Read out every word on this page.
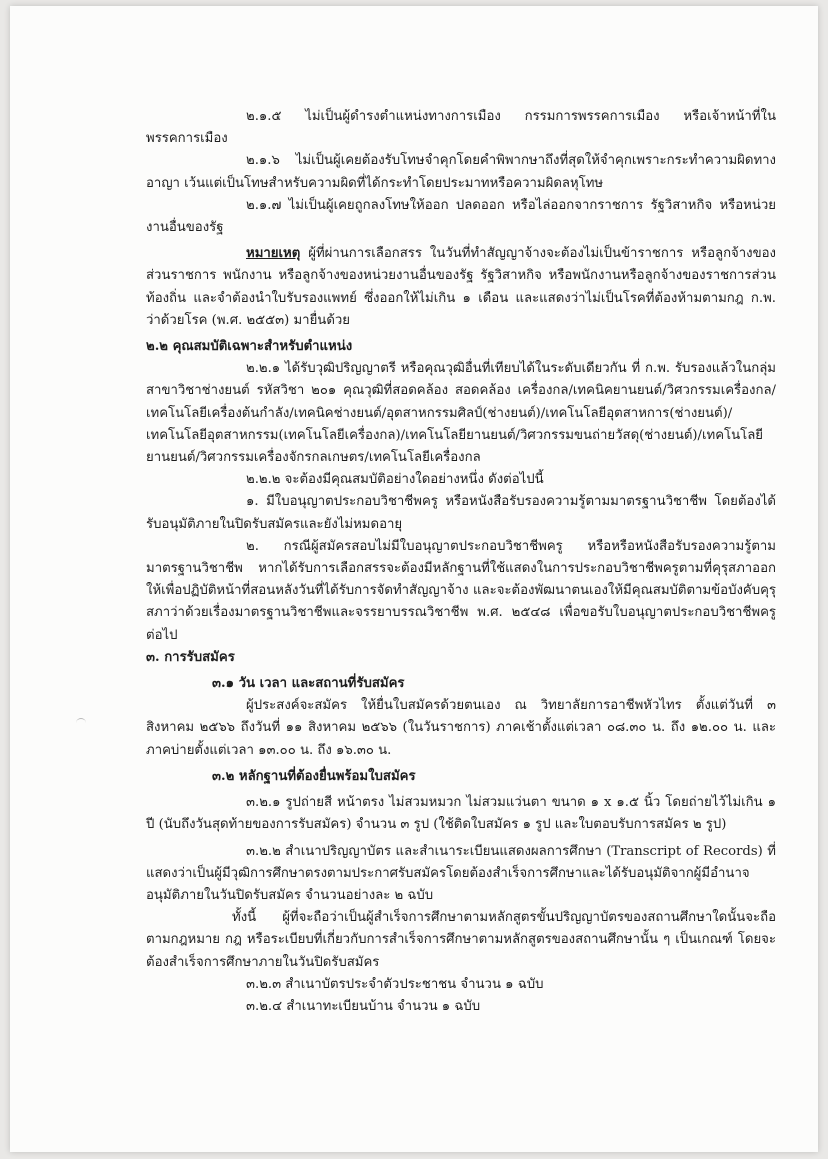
๒.๑.๕ ไม่เป็นผู้ดำรงตำแหน่งทางการเมือง กรรมการพรรคการเมือง หรือเจ้าหน้าที่ในพรรคการเมือง

๒.๑.๖ ไม่เป็นผู้เคยต้องรับโทษจำคุกโดยคำพิพากษาถึงที่สุดให้จำคุกเพราะกระทำความผิดทางอาญา เว้นแต่เป็นโทษสำหรับความผิดที่ได้กระทำโดยประมาทหรือความผิดลหุโทษ

๒.๑.๗ ไม่เป็นผู้เคยถูกลงโทษให้ออก ปลดออก หรือไล่ออกจากราชการ รัฐวิสาหกิจ หรือหน่วยงานอื่นของรัฐ

หมายเหตุ ผู้ที่ผ่านการเลือกสรร ในวันที่ทำสัญญาจ้างจะต้องไม่เป็นข้าราชการ หรือลูกจ้างของส่วนราชการ พนักงาน หรือลูกจ้างของหน่วยงานอื่นของรัฐ รัฐวิสาหกิจ หรือพนักงานหรือลูกจ้างของราชการส่วนท้องถิ่น และจำต้องนำใบรับรองแพทย์ ซึ่งออกให้ไม่เกิน ๑ เดือน และแสดงว่าไม่เป็นโรคที่ต้องห้ามตามกฎ ก.พ. ว่าด้วยโรค (พ.ศ. ๒๕๕๓) มายื่นด้วย

๒.๒ คุณสมบัติเฉพาะสำหรับตำแหน่ง

๒.๒.๑ ได้รับวุฒิปริญญาตรี หรือคุณวุฒิอื่นที่เทียบได้ในระดับเดียวกัน ที่ ก.พ. รับรองแล้วในกลุ่มสาขาวิชาช่างยนต์ รหัสวิชา ๒๐๑ คุณวุฒิที่สอดคล้อง สอดคล้อง เครื่องกล/เทคนิคยานยนต์/วิศวกรรมเครื่องกล/เทคโนโลยีเครื่องต้นกำลัง/เทคนิคช่างยนต์/อุตสาหกรรมศิลป์(ช่างยนต์)/เทคโนโลยีอุตสาหการ(ช่างยนต์)/เทคโนโลยีอุตสาหกรรม(เทคโนโลยีเครื่องกล)/เทคโนโลยียานยนต์/วิศวกรรมขนถ่ายวัสดุ(ช่างยนต์)/เทคโนโลยียานยนต์/วิศวกรรมเครื่องจักรกลเกษตร/เทคโนโลยีเครื่องกล

๒.๒.๒ จะต้องมีคุณสมบัติอย่างใดอย่างหนึ่ง ดังต่อไปนี้

๑. มีใบอนุญาตประกอบวิชาชีพครู หรือหนังสือรับรองความรู้ตามมาตรฐานวิชาชีพ โดยต้องได้รับอนุมัติภายในปิดรับสมัครและยังไม่หมดอายุ

๒. กรณีผู้สมัครสอบไม่มีใบอนุญาตประกอบวิชาชีพครู หรือหรือหนังสือรับรองความรู้ตามมาตรฐานวิชาชีพ หากได้รับการเลือกสรรจะต้องมีหลักฐานที่ใช้แสดงในการประกอบวิชาชีพครูตามที่คุรุสภาออกให้เพื่อปฏิบัติหน้าที่สอนหลังวันที่ได้รับการจัดทำสัญญาจ้าง และจะต้องพัฒนาตนเองให้มีคุณสมบัติตามข้อบังคับคุรุสภาว่าด้วยเรื่องมาตรฐานวิชาชีพและจรรยาบรรณวิชาชีพ พ.ศ. ๒๕๔๘ เพื่อขอรับใบอนุญาตประกอบวิชาชีพครูต่อไป

๓. การรับสมัคร

๓.๑ วัน เวลา และสถานที่รับสมัคร

ผู้ประสงค์จะสมัคร ให้ยื่นใบสมัครด้วยตนเอง ณ วิทยาลัยการอาชีพหัวไทร ตั้งแต่วันที่ ๓ สิงหาคม ๒๕๖๖ ถึงวันที่ ๑๑ สิงหาคม ๒๕๖๖ (ในวันราชการ) ภาคเช้าตั้งแต่เวลา ๐๘.๓๐ น. ถึง ๑๒.๐๐ น. และภาคบ่ายตั้งแต่เวลา ๑๓.๐๐ น. ถึง ๑๖.๓๐ น.

๓.๒ หลักฐานที่ต้องยื่นพร้อมใบสมัคร

๓.๒.๑ รูปถ่ายสี หน้าตรง ไม่สวมหมวก ไม่สวมแว่นตา ขนาด ๑ x ๑.๕ นิ้ว โดยถ่ายไว้ไม่เกิน ๑ ปี (นับถึงวันสุดท้ายของการรับสมัคร) จำนวน ๓ รูป (ใช้ติดใบสมัคร ๑ รูป และใบตอบรับการสมัคร ๒ รูป)

๓.๒.๒ สำเนาปริญญาบัตร และสำเนาระเบียนแสดงผลการศึกษา (Transcript of Records) ที่แสดงว่าเป็นผู้มีวุฒิการศึกษาตรงตามประกาศรับสมัครโดยต้องสำเร็จการศึกษาและได้รับอนุมัติจากผู้มีอำนาจอนุมัติภายในวันปิดรับสมัคร จำนวนอย่างละ ๒ ฉบับ

ทั้งนี้ ผู้ที่จะถือว่าเป็นผู้สำเร็จการศึกษาตามหลักสูตรขั้นปริญญาบัตรของสถานศึกษาใดนั้นจะถือตามกฎหมาย กฎ หรือระเบียบที่เกี่ยวกับการสำเร็จการศึกษาตามหลักสูตรของสถานศึกษานั้น ๆ เป็นเกณฑ์ โดยจะต้องสำเร็จการศึกษาภายในวันปิดรับสมัคร

๓.๒.๓ สำเนาบัตรประจำตัวประชาชน จำนวน ๑ ฉบับ

๓.๒.๔ สำเนาทะเบียนบ้าน จำนวน ๑ ฉบับ
